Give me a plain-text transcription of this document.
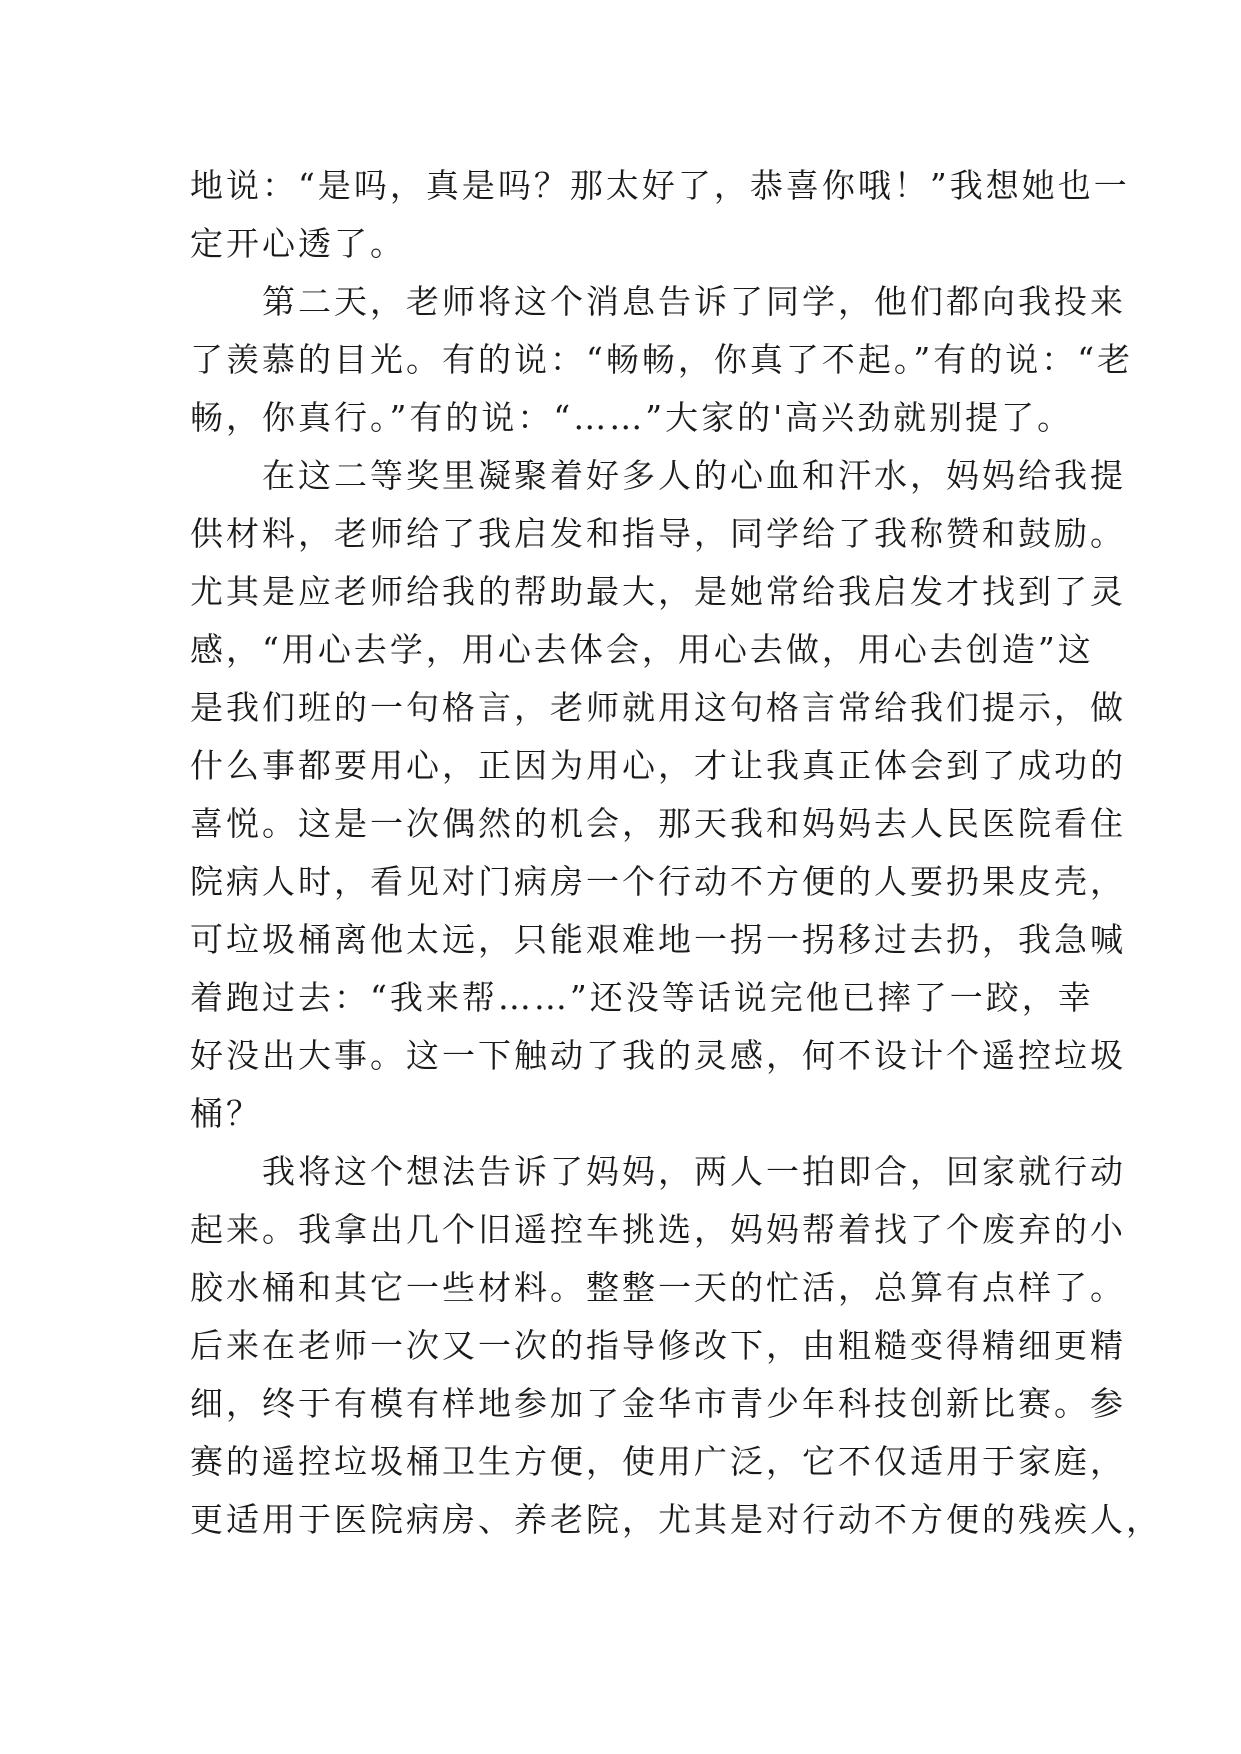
地说：“是吗，真是吗？那太好了，恭喜你哦！”我想她也一
定开心透了。
　　第二天，老师将这个消息告诉了同学，他们都向我投来
了羡慕的目光。有的说：“畅畅，你真了不起。”有的说：“老
畅，你真行。”有的说：“……”大家的'高兴劲就别提了。
　　在这二等奖里凝聚着好多人的心血和汗水，妈妈给我提
供材料，老师给了我启发和指导，同学给了我称赞和鼓励。
尤其是应老师给我的帮助最大，是她常给我启发才找到了灵
感，“用心去学，用心去体会，用心去做，用心去创造”这
是我们班的一句格言，老师就用这句格言常给我们提示，做
什么事都要用心，正因为用心，才让我真正体会到了成功的
喜悦。这是一次偶然的机会，那天我和妈妈去人民医院看住
院病人时，看见对门病房一个行动不方便的人要扔果皮壳，
可垃圾桶离他太远，只能艰难地一拐一拐移过去扔，我急喊
着跑过去：“我来帮……”还没等话说完他已摔了一跤，幸
好没出大事。这一下触动了我的灵感，何不设计个遥控垃圾
桶？
　　我将这个想法告诉了妈妈，两人一拍即合，回家就行动
起来。我拿出几个旧遥控车挑选，妈妈帮着找了个废弃的小
胶水桶和其它一些材料。整整一天的忙活，总算有点样了。
后来在老师一次又一次的指导修改下，由粗糙变得精细更精
细，终于有模有样地参加了金华市青少年科技创新比赛。参
赛的遥控垃圾桶卫生方便，使用广泛，它不仅适用于家庭，
更适用于医院病房、养老院，尤其是对行动不方便的残疾人，
